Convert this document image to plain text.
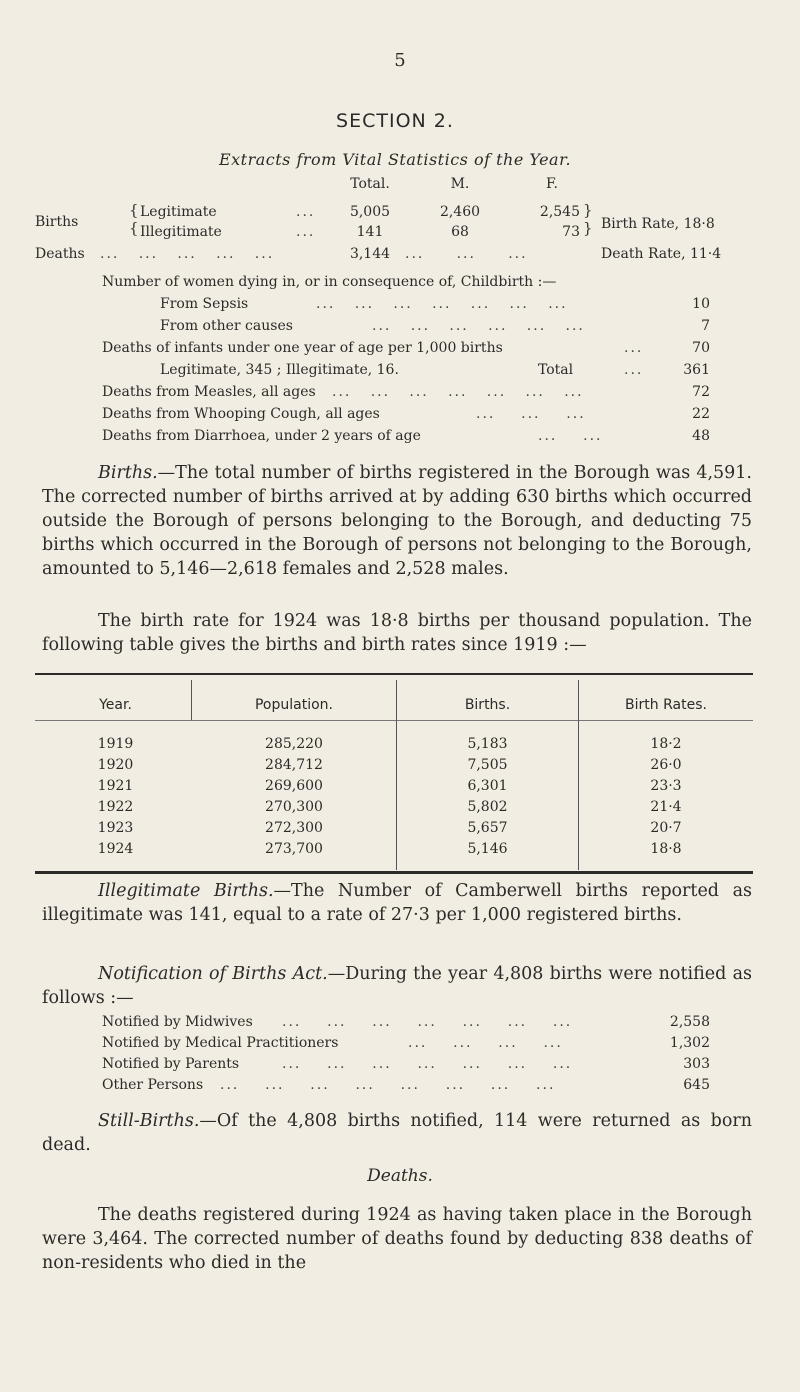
5
SECTION 2.
Extracts from Vital Statistics of the Year.
Total.	M.	F.
Births
{
{
Legitimate	...	5,005	2,460	2,545
Illegitimate	...	141	68	73
}
} Birth Rate, 18·8
Deaths ...   ...   ...   ...   ...	3,144	...     ...     ...	Death Rate, 11·4
Number of women dying in, or in consequence of, Childbirth :—
From Sepsis	...   ...   ...   ...   ...   ...   ...	10
From other causes	...   ...   ...   ...   ...   ...	7
Deaths of infants under one year of age per 1,000 births	...	70
Legitimate, 345 ; Illegitimate, 16.	Total	...	361
Deaths from Measles, all ages ...   ...   ...   ...   ...   ...   ...	72
Deaths from Whooping Cough, all ages	...    ...    ...	22
Deaths from Diarrhoea, under 2 years of age	...    ...	48
Births.—The total number of births registered in the Borough was 4,591. The corrected number of births arrived at by adding 630 births which occurred outside the Borough of persons belonging to the Borough, and deducting 75 births which occurred in the Borough of persons not belonging to the Borough, amounted to 5,146—2,618 females and 2,528 males.
The birth rate for 1924 was 18·8 births per thousand population. The following table gives the births and birth rates since 1919 :—
Year.	Population.	Births.	Birth Rates.
1919	285,220	5,183	18·2
1920	284,712	7,505	26·0
1921	269,600	6,301	23·3
1922	270,300	5,802	21·4
1923	272,300	5,657	20·7
1924	273,700	5,146	18·8
Illegitimate Births.—The Number of Camberwell births reported as illegitimate was 141, equal to a rate of 27·3 per 1,000 registered births.
Notification of Births Act.—During the year 4,808 births were notified as follows :—
Notified by Midwives ...    ...    ...    ...    ...    ...    ...	2,558
Notified by Medical Practitioners	...    ...    ...    ...	1,302
Notified by Parents	...    ...    ...    ...    ...    ...    ...	303
Other Persons ...    ...    ...    ...    ...    ...    ...    ...	645
Still-Births.—Of the 4,808 births notified, 114 were returned as born dead.
Deaths.
The deaths registered during 1924 as having taken place in the Borough were 3,464. The corrected number of deaths found by deducting 838 deaths of non-residents who died in the
